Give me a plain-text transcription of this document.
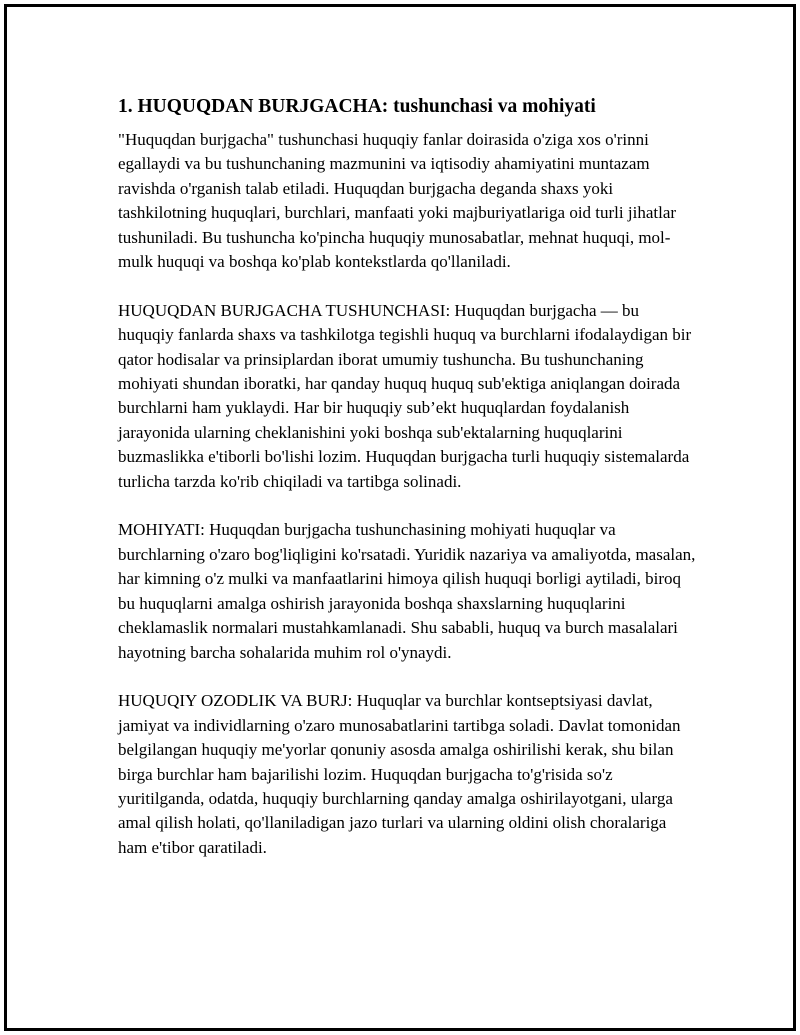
1. HUQUQDAN BURJGACHA: tushunchasi va mohiyati

"Huquqdan burjgacha" tushunchasi huquqiy fanlar doirasida o'ziga xos o'rinni egallaydi va bu tushunchaning mazmunini va iqtisodiy ahamiyatini muntazam ravishda o'rganish talab etiladi. Huquqdan burjgacha deganda shaxs yoki tashkilotning huquqlari, burchlari, manfaati yoki majburiyatlariga oid turli jihatlar tushuniladi. Bu tushuncha ko'pincha huquqiy munosabatlar, mehnat huquqi, mol-mulk huquqi va boshqa ko'plab kontekstlarda qo'llaniladi.

HUQUQDAN BURJGACHA TUSHUNCHASI: Huquqdan burjgacha — bu huquqiy fanlarda shaxs va tashkilotga tegishli huquq va burchlarni ifodalaydigan bir qator hodisalar va prinsiplardan iborat umumiy tushuncha. Bu tushunchaning mohiyati shundan iboratki, har qanday huquq huquq sub'ektiga aniqlangan doirada burchlarni ham yuklaydi. Har bir huquqiy sub’ekt huquqlardan foydalanish jarayonida ularning cheklanishini yoki boshqa sub'ektalarning huquqlarini buzmaslikka e'tiborli bo'lishi lozim. Huquqdan burjgacha turli huquqiy sistemalarda turlicha tarzda ko'rib chiqiladi va tartibga solinadi.

MOHIYATI: Huquqdan burjgacha tushunchasining mohiyati huquqlar va burchlarning o'zaro bog'liqligini ko'rsatadi. Yuridik nazariya va amaliyotda, masalan, har kimning o'z mulki va manfaatlarini himoya qilish huquqi borligi aytiladi, biroq bu huquqlarni amalga oshirish jarayonida boshqa shaxslarning huquqlarini cheklamaslik normalari mustahkamlanadi. Shu sababli, huquq va burch masalalari hayotning barcha sohalarida muhim rol o'ynaydi.

HUQUQIY OZODLIK VA BURJ: Huquqlar va burchlar kontseptsiyasi davlat, jamiyat va individlarning o'zaro munosabatlarini tartibga soladi. Davlat tomonidan belgilangan huquqiy me'yorlar qonuniy asosda amalga oshirilishi kerak, shu bilan birga burchlar ham bajarilishi lozim. Huquqdan burjgacha to'g'risida so'z yuritilganda, odatda, huquqiy burchlarning qanday amalga oshirilayotgani, ularga amal qilish holati, qo'llaniladigan jazo turlari va ularning oldini olish choralariga ham e'tibor qaratiladi.
